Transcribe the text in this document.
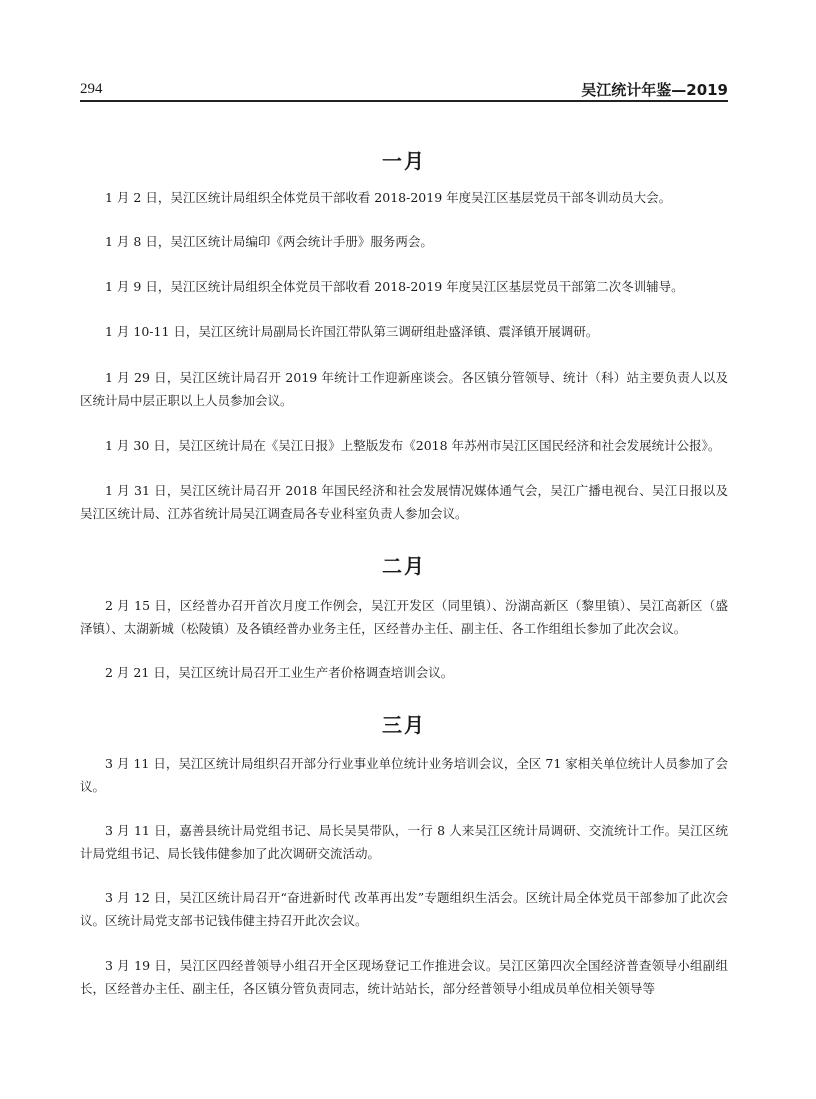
294	吴江统计年鉴—2019
一月

1 月 2 日，吴江区统计局组织全体党员干部收看 2018-2019 年度吴江区基层党员干部冬训动员大会。

1 月 8 日，吴江区统计局编印《两会统计手册》服务两会。

1 月 9 日，吴江区统计局组织全体党员干部收看 2018-2019 年度吴江区基层党员干部第二次冬训辅导。

1 月 10-11 日，吴江区统计局副局长许国江带队第三调研组赴盛泽镇、震泽镇开展调研。

1 月 29 日，吴江区统计局召开 2019 年统计工作迎新座谈会。各区镇分管领导、统计（科）站主要负责人以及区统计局中层正职以上人员参加会议。

1 月 30 日，吴江区统计局在《吴江日报》上整版发布《2018 年苏州市吴江区国民经济和社会发展统计公报》。

1 月 31 日，吴江区统计局召开 2018 年国民经济和社会发展情况媒体通气会，吴江广播电视台、吴江日报以及吴江区统计局、江苏省统计局吴江调查局各专业科室负责人参加会议。

二月

2 月 15 日，区经普办召开首次月度工作例会，吴江开发区（同里镇）、汾湖高新区（黎里镇）、吴江高新区（盛泽镇）、太湖新城（松陵镇）及各镇经普办业务主任，区经普办主任、副主任、各工作组组长参加了此次会议。

2 月 21 日，吴江区统计局召开工业生产者价格调查培训会议。

三月

3 月 11 日，吴江区统计局组织召开部分行业事业单位统计业务培训会议，全区 71 家相关单位统计人员参加了会议。

3 月 11 日，嘉善县统计局党组书记、局长吴昊带队，一行 8 人来吴江区统计局调研、交流统计工作。吴江区统计局党组书记、局长钱伟健参加了此次调研交流活动。

3 月 12 日，吴江区统计局召开“奋进新时代 改革再出发”专题组织生活会。区统计局全体党员干部参加了此次会议。区统计局党支部书记钱伟健主持召开此次会议。

3 月 19 日，吴江区四经普领导小组召开全区现场登记工作推进会议。吴江区第四次全国经济普查领导小组副组长，区经普办主任、副主任，各区镇分管负责同志，统计站站长，部分经普领导小组成员单位相关领导等
